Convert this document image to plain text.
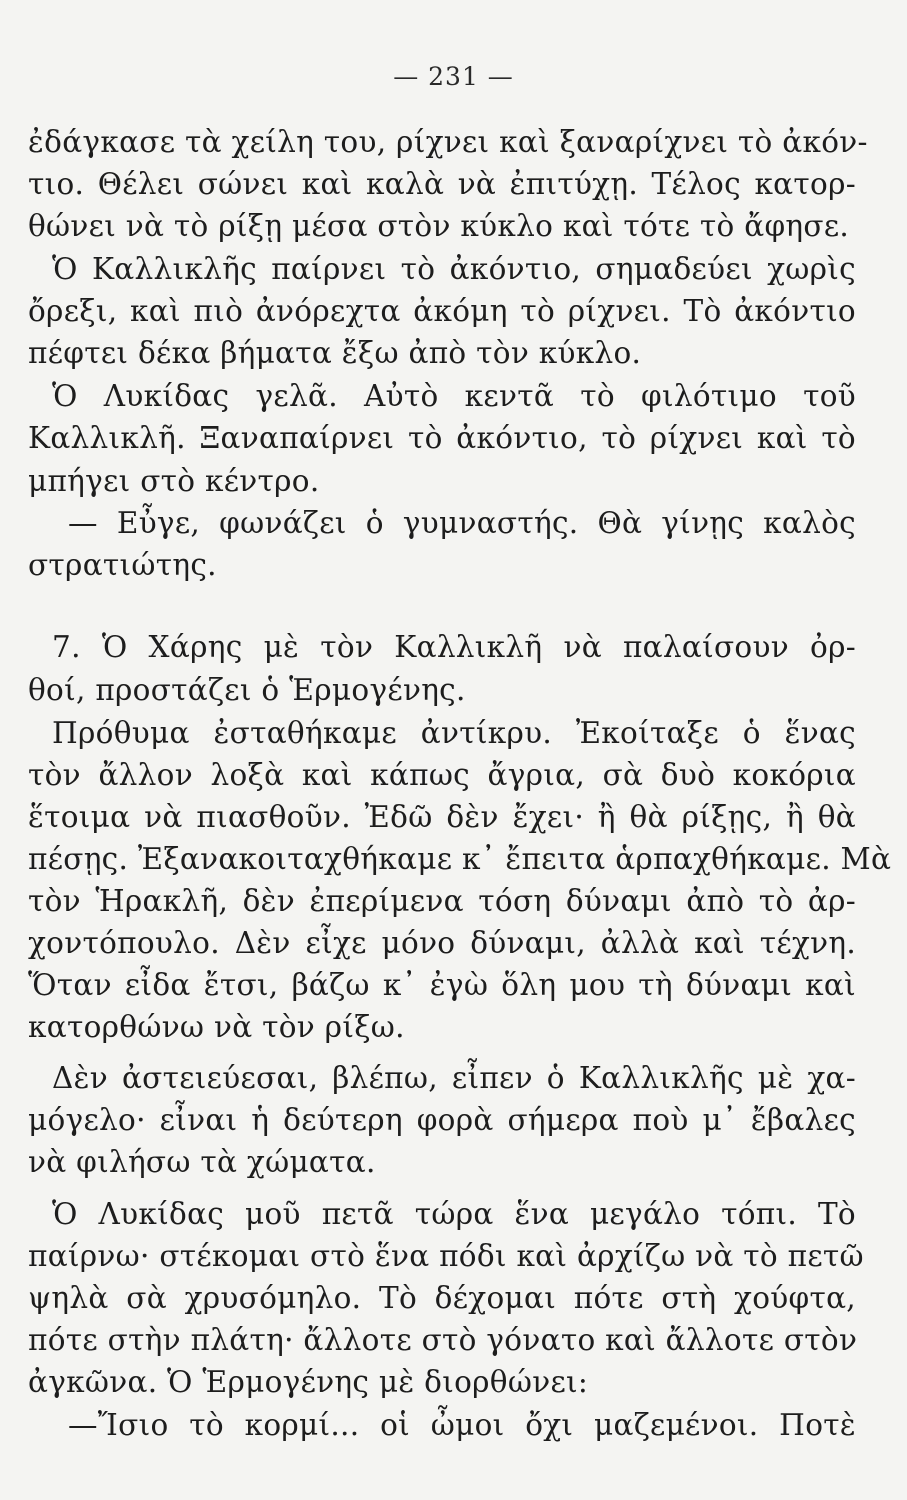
— 231 —
ἐδάγκασε τὰ χείλη του, ρίχνει καὶ ξαναρίχνει τὸ ἀκόν-
τιο. Θέλει σώνει καὶ καλὰ νὰ ἐπιτύχῃ. Τέλος κατορ-
θώνει νὰ τὸ ρίξῃ μέσα στὸν κύκλο καὶ τότε τὸ ἄφησε.
Ὁ Καλλικλῆς παίρνει τὸ ἀκόντιο, σημαδεύει χωρὶς
ὄρεξι, καὶ πιὸ ἀνόρεχτα ἀκόμη τὸ ρίχνει. Τὸ ἀκόντιο
πέφτει δέκα βήματα ἔξω ἀπὸ τὸν κύκλο.
Ὁ Λυκίδας γελᾶ. Αὐτὸ κεντᾶ τὸ φιλότιμο τοῦ
Καλλικλῆ. Ξαναπαίρνει τὸ ἀκόντιο, τὸ ρίχνει καὶ τὸ
μπήγει στὸ κέντρο.
— Εὖγε, φωνάζει ὁ γυμναστής. Θὰ γίνῃς καλὸς
στρατιώτης.
7. Ὁ Χάρης μὲ τὸν Καλλικλῆ νὰ παλαίσουν ὀρ-
θοί, προστάζει ὁ Ἑρμογένης.
Πρόθυμα ἐσταθήκαμε ἀντίκρυ. Ἐκοίταξε ὁ ἕνας
τὸν ἄλλον λοξὰ καὶ κάπως ἄγρια, σὰ δυὸ κοκόρια
ἕτοιμα νὰ πιασθοῦν. Ἐδῶ δὲν ἔχει· ἢ θὰ ρίξῃς, ἢ θὰ
πέσῃς. Ἐξανακοιταχθήκαμε κ᾿ ἔπειτα ἁρπαχθήκαμε. Μὰ
τὸν Ἡρακλῆ, δὲν ἐπερίμενα τόση δύναμι ἀπὸ τὸ ἀρ-
χοντόπουλο. Δὲν εἶχε μόνο δύναμι, ἀλλὰ καὶ τέχνη.
Ὅταν εἶδα ἔτσι, βάζω κ᾿ ἐγὼ ὅλη μου τὴ δύναμι καὶ
κατορθώνω νὰ τὸν ρίξω.
Δὲν ἀστειεύεσαι, βλέπω, εἶπεν ὁ Καλλικλῆς μὲ χα-
μόγελο· εἶναι ἡ δεύτερη φορὰ σήμερα ποὺ μ᾿ ἔβαλες
νὰ φιλήσω τὰ χώματα.
Ὁ Λυκίδας μοῦ πετᾶ τώρα ἕνα μεγάλο τόπι. Τὸ
παίρνω· στέκομαι στὸ ἕνα πόδι καὶ ἀρχίζω νὰ τὸ πετῶ
ψηλὰ σὰ χρυσόμηλο. Τὸ δέχομαι πότε στὴ χούφτα,
πότε στὴν πλάτη· ἄλλοτε στὸ γόνατο καὶ ἄλλοτε στὸν
ἀγκῶνα. Ὁ Ἑρμογένης μὲ διορθώνει:
—Ἴσιο τὸ κορμί... οἱ ὦμοι ὄχι μαζεμένοι. Ποτὲ
